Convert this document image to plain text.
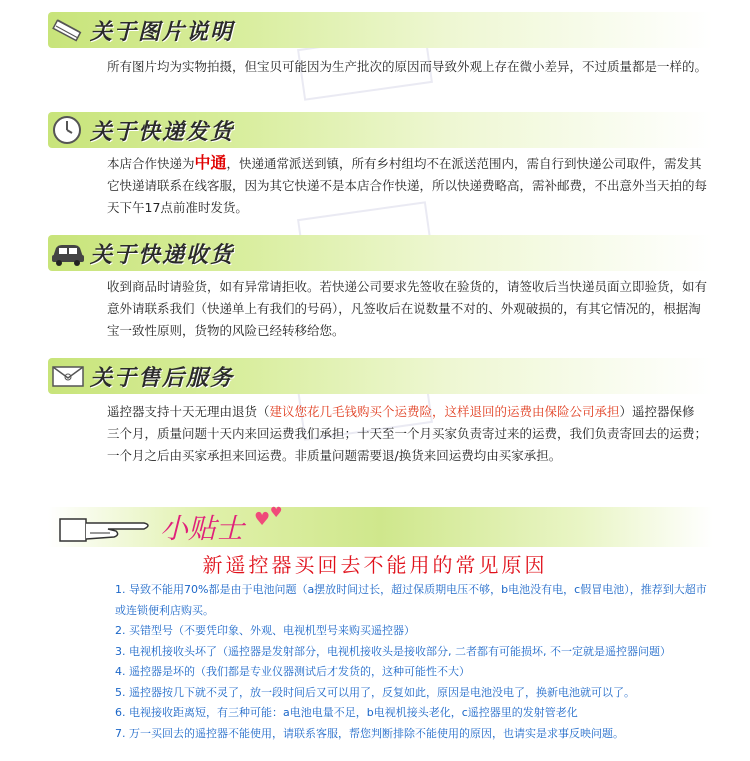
关于图片说明
所有图片均为实物拍摄，但宝贝可能因为生产批次的原因而导致外观上存在微小差异，不过质量都是一样的。
关于快递发货
本店合作快递为中通，快递通常派送到镇，所有乡村组均不在派送范围内，需自行到快递公司取件，需发其它快递请联系在线客服，因为其它快递不是本店合作快递，所以快递费略高，需补邮费，不出意外当天拍的每天下午17点前准时发货。
关于快递收货
收到商品时请验货，如有异常请拒收。若快递公司要求先签收在验货的，请签收后当快递员面立即验货，如有意外请联系我们（快递单上有我们的号码），凡签收后在说数量不对的、外观破损的，有其它情况的，根据淘宝一致性原则，货物的风险已经转移给您。
关于售后服务
遥控器支持十天无理由退货（建议您花几毛钱购买个运费险，这样退回的运费由保险公司承担）遥控器保修三个月，质量问题十天内来回运费我们承担；十天至一个月买家负责寄过来的运费，我们负责寄回去的运费；一个月之后由买家承担来回运费。非质量问题需要退/换货来回运费均由买家承担。
小贴士 ♥ ♥
新遥控器买回去不能用的常见原因
1. 导致不能用70%都是由于电池问题（a摆放时间过长，超过保质期电压不够，b电池没有电，c假冒电池），推荐到大超市或连锁便利店购买。
2. 买错型号（不要凭印象、外观、电视机型号来购买遥控器）
3. 电视机接收头坏了（遥控器是发射部分，电视机接收头是接收部分, 二者都有可能损坏, 不一定就是遥控器问题）
4. 遥控器是坏的（我们都是专业仪器测试后才发货的，这种可能性不大）
5. 遥控器按几下就不灵了，放一段时间后又可以用了，反复如此，原因是电池没电了，换新电池就可以了。
6. 电视接收距离短，有三种可能：a电池电量不足，b电视机接头老化，c遥控器里的发射管老化
7. 万一买回去的遥控器不能使用，请联系客服，帮您判断排除不能使用的原因，也请实是求事反映问题。
